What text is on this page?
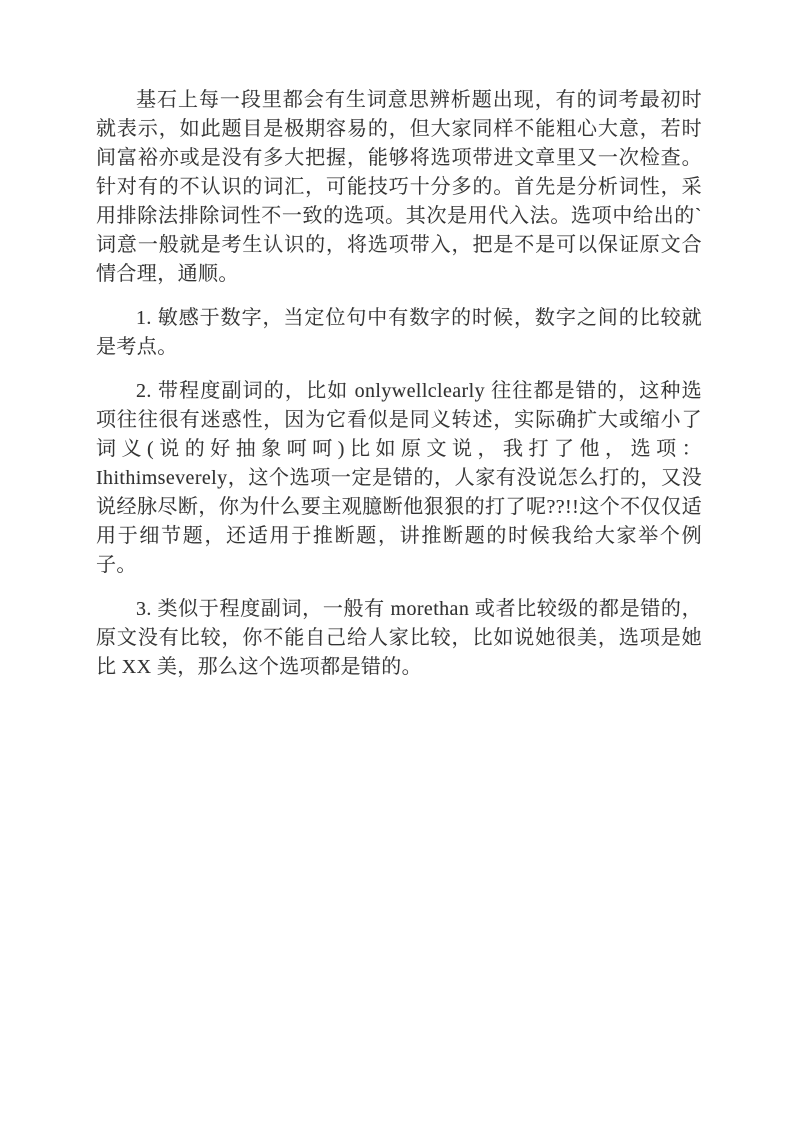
基石上每一段里都会有生词意思辨析题出现，有的词考最初时就表示，如此题目是极期容易的，但大家同样不能粗心大意，若时间富裕亦或是没有多大把握，能够将选项带进文章里又一次检查。针对有的不认识的词汇，可能技巧十分多的。首先是分析词性，采用排除法排除词性不一致的选项。其次是用代入法。选项中给出的`词意一般就是考生认识的，将选项带入，把是不是可以保证原文合情合理，通顺。

1. 敏感于数字，当定位句中有数字的时候，数字之间的比较就是考点。

2. 带程度副词的，比如 onlywellclearly 往往都是错的，这种选项往往很有迷惑性，因为它看似是同义转述，实际确扩大或缩小了词义(说的好抽象呵呵)比如原文说，我打了他，选项：Ihithimseverely，这个选项一定是错的，人家有没说怎么打的，又没说经脉尽断，你为什么要主观臆断他狠狠的打了呢??!!这个不仅仅适用于细节题，还适用于推断题，讲推断题的时候我给大家举个例子。

3. 类似于程度副词，一般有 morethan 或者比较级的都是错的，原文没有比较，你不能自己给人家比较，比如说她很美，选项是她比 XX 美，那么这个选项都是错的。
